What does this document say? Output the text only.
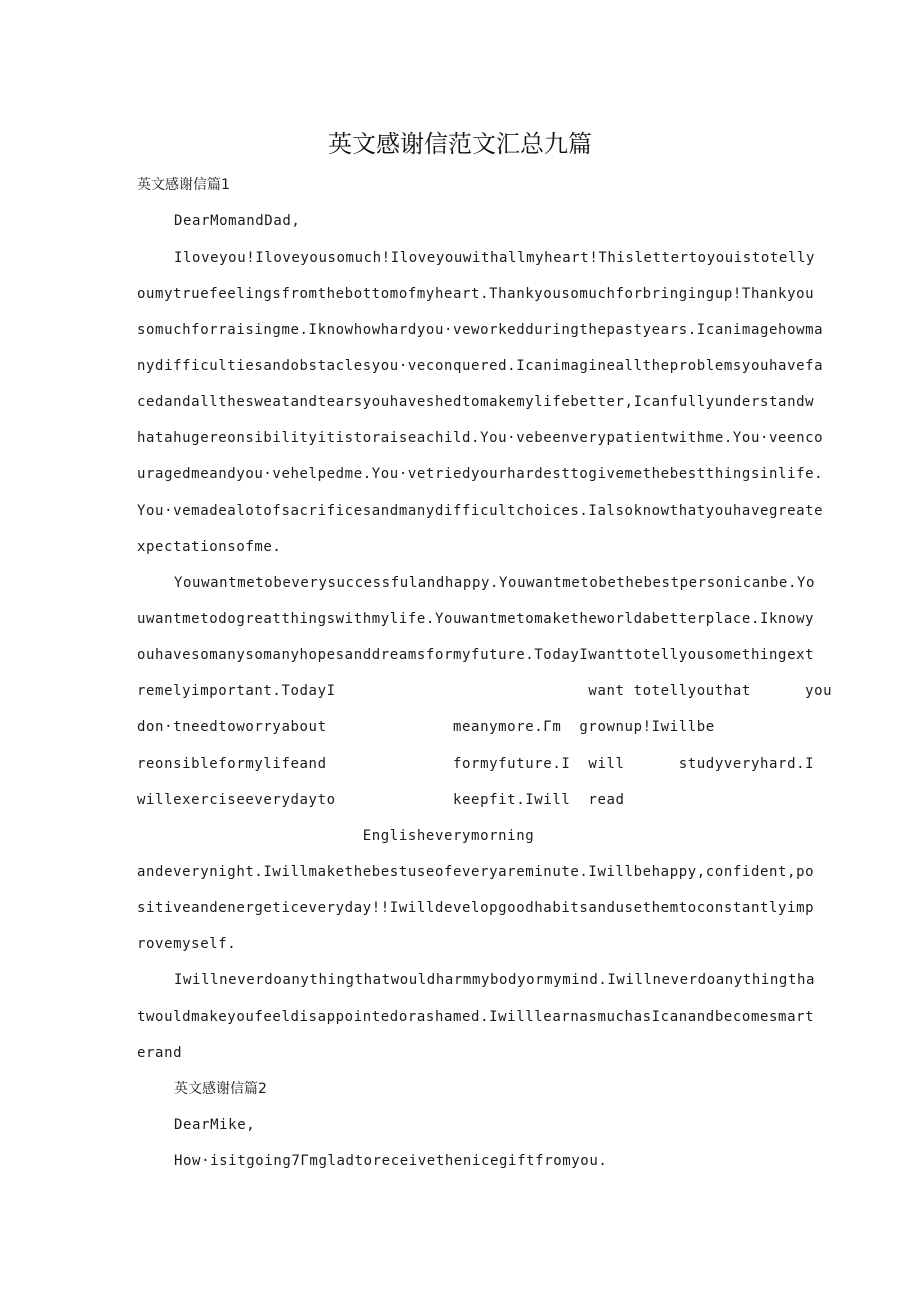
英文感谢信范文汇总九篇
英文感谢信篇1
DearMomandDad,
Iloveyou!Iloveyousomuch!Iloveyouwithallmyheart!Thislettertoyouistotelly
oumytruefeelingsfromthebottomofmyheart.Thankyousomuchforbringingup!Thankyou
somuchforraisingme.Iknowhowhardyou·veworkedduringthepastyears.Icanimagehowma
nydifficultiesandobstaclesyou·veconquered.Icanimaginealltheproblemsyouhavefa
cedandallthesweatandtearsyouhaveshedtomakemylifebetter,Icanfullyunderstandw
hatahugereonsibilityitistoraiseachild.You·vebeenverypatientwithme.You·veenco
uragedmeandyou·vehelpedme.You·vetriedyourhardesttogivemethebestthingsinlife.
You·vemadealotofsacrificesandmanydifficultchoices.Ialsoknowthatyouhavegreate
xpectationsofme.
Youwantmetobeverysuccessfulandhappy.Youwantmetobethebestpersonicanbe.Yo
uwantmetodogreatthingswithmylife.Youwantmetomaketheworldabetterplace.Iknowy
ouhavesomanysomanyhopesanddreamsformyfuture.TodayIwanttotellyousomethingext
remelyimportant.TodayI                            want totellyouthat      you
don·tneedtoworryabout              meanymore.Γm  grownup!Iwillbe
reonsibleformylifeand              formyfuture.I  will      studyveryhard.I
willexerciseeverydayto             keepfit.Iwill  read
Englisheverymorning
andeverynight.Iwillmakethebestuseofeveryareminute.Iwillbehappy,confident,po
sitiveandenergeticeveryday!!Iwilldevelopgoodhabitsandusethemtoconstantlyimp
rovemyself.
Iwillneverdoanythingthatwouldharmmybodyormymind.Iwillneverdoanythingtha
twouldmakeyoufeeldisappointedorashamed.IwilllearnasmuchasIcanandbecomesmart
erand
英文感谢信篇2
DearMike,
How·isitgoing7Γmgladtoreceivethenicegiftfromyou.
